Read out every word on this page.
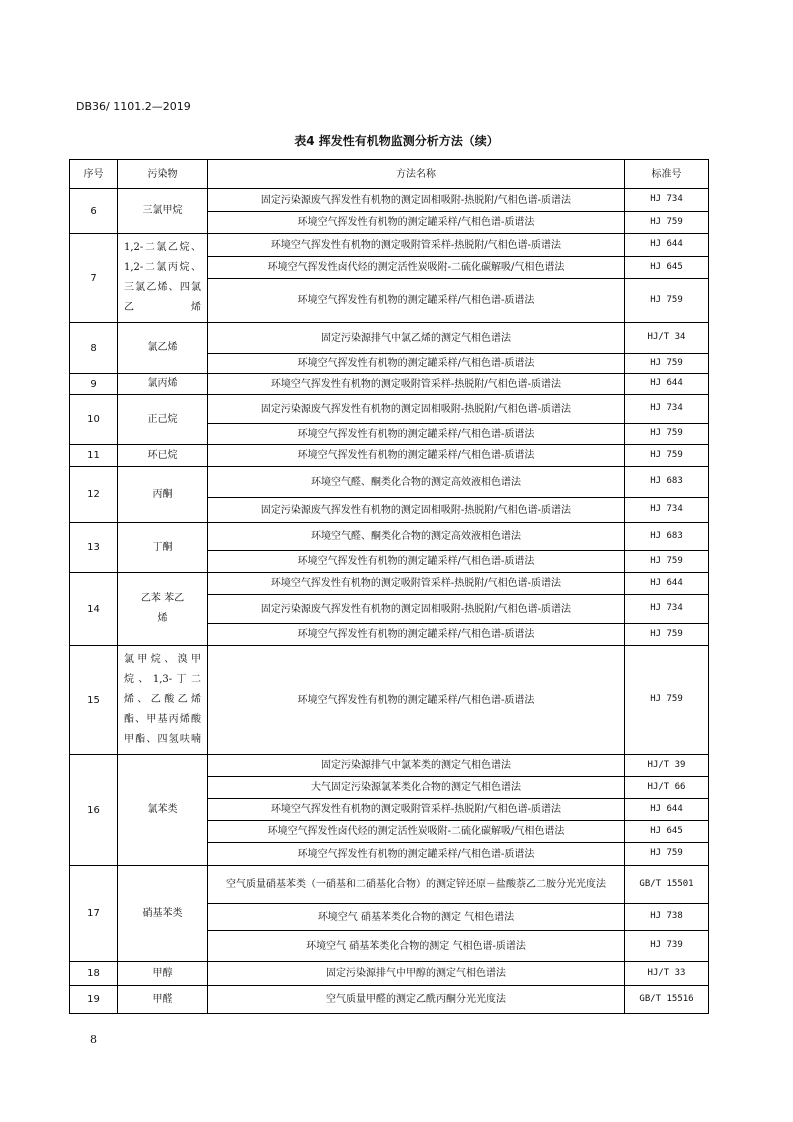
DB36/ 1101.2—2019
表4 挥发性有机物监测分析方法（续）
序号	污染物	方法名称	标准号
6	三氯甲烷	固定污染源废气挥发性有机物的测定固相吸附-热脱附/气相色谱-质谱法	HJ 734
		环境空气挥发性有机物的测定罐采样/气相色谱-质谱法	HJ 759
7	1,2-二氯乙烷、1,2-二氯丙烷、三氯乙烯、四氯乙烯	环境空气挥发性有机物的测定吸附管采样-热脱附/气相色谱-质谱法	HJ 644
		环境空气挥发性卤代烃的测定活性炭吸附-二硫化碳解吸/气相色谱法	HJ 645
		环境空气挥发性有机物的测定罐采样/气相色谱-质谱法	HJ 759
8	氯乙烯	固定污染源排气中氯乙烯的测定气相色谱法	HJ/T 34
		环境空气挥发性有机物的测定罐采样/气相色谱-质谱法	HJ 759
9	氯丙烯	环境空气挥发性有机物的测定吸附管采样-热脱附/气相色谱-质谱法	HJ 644
10	正己烷	固定污染源废气挥发性有机物的测定固相吸附-热脱附/气相色谱-质谱法	HJ 734
		环境空气挥发性有机物的测定罐采样/气相色谱-质谱法	HJ 759
11	环已烷	环境空气挥发性有机物的测定罐采样/气相色谱-质谱法	HJ 759
12	丙酮	环境空气醛、酮类化合物的测定高效液相色谱法	HJ 683
		固定污染源废气挥发性有机物的测定固相吸附-热脱附/气相色谱-质谱法	HJ 734
13	丁酮	环境空气醛、酮类化合物的测定高效液相色谱法	HJ 683
		环境空气挥发性有机物的测定罐采样/气相色谱-质谱法	HJ 759
14	乙苯 苯乙烯	环境空气挥发性有机物的测定吸附管采样-热脱附/气相色谱-质谱法	HJ 644
		固定污染源废气挥发性有机物的测定固相吸附-热脱附/气相色谱-质谱法	HJ 734
		环境空气挥发性有机物的测定罐采样/气相色谱-质谱法	HJ 759
15	氯甲烷、溴甲烷、1,3-丁二烯、乙酸乙烯酯、甲基丙烯酸甲酯、四氢呋喃	环境空气挥发性有机物的测定罐采样/气相色谱-质谱法	HJ 759
16	氯苯类	固定污染源排气中氯苯类的测定气相色谱法	HJ/T 39
		大气固定污染源氯苯类化合物的测定气相色谱法	HJ/T 66
		环境空气挥发性有机物的测定吸附管采样-热脱附/气相色谱-质谱法	HJ 644
		环境空气挥发性卤代烃的测定活性炭吸附-二硫化碳解吸/气相色谱法	HJ 645
		环境空气挥发性有机物的测定罐采样/气相色谱-质谱法	HJ 759
17	硝基苯类	空气质量硝基苯类（一硝基和二硝基化合物）的测定锌还原－盐酸萘乙二胺分光光度法	GB/T 15501
		环境空气 硝基苯类化合物的测定 气相色谱法	HJ 738
		环境空气 硝基苯类化合物的测定 气相色谱-质谱法	HJ 739
18	甲醇	固定污染源排气中甲醇的测定气相色谱法	HJ/T 33
19	甲醛	空气质量甲醛的测定乙酰丙酮分光光度法	GB/T 15516
8
